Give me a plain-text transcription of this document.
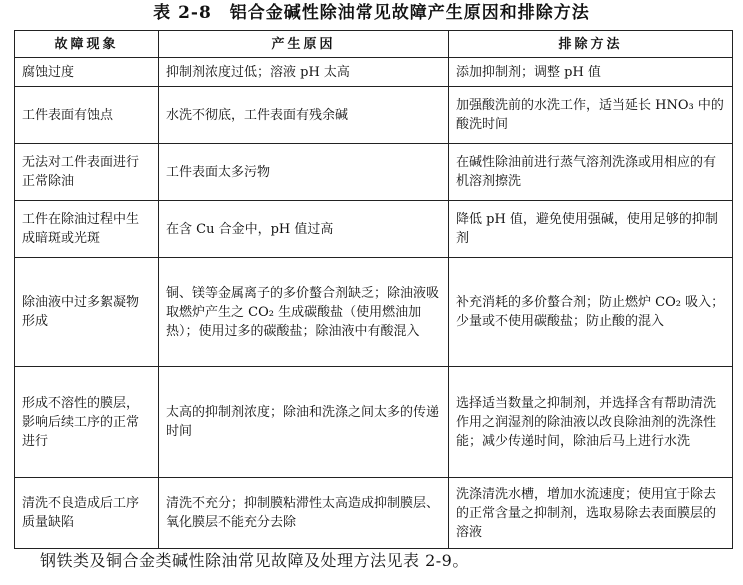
表 2-8　铝合金碱性除油常见故障产生原因和排除方法
故障现象	产生原因	排除方法
腐蚀过度	抑制剂浓度过低；溶液 pH 太高	添加抑制剂；调整 pH 值
工件表面有蚀点	水洗不彻底，工件表面有残余碱	加强酸洗前的水洗工作，适当延长 HNO₃ 中的酸洗时间
无法对工件表面进行正常除油	工件表面太多污物	在碱性除油前进行蒸气溶剂洗涤或用相应的有机溶剂擦洗
工件在除油过程中生成暗斑或光斑	在含 Cu 合金中，pH 值过高	降低 pH 值，避免使用强碱，使用足够的抑制剂
除油液中过多絮凝物形成	铜、镁等金属离子的多价螯合剂缺乏；除油液吸取燃炉产生之 CO₂ 生成碳酸盐（使用燃油加热）；使用过多的碳酸盐；除油液中有酸混入	补充消耗的多价螯合剂；防止燃炉 CO₂ 吸入；少量或不使用碳酸盐；防止酸的混入
形成不溶性的膜层，影响后续工序的正常进行	太高的抑制剂浓度；除油和洗涤之间太多的传递时间	选择适当数量之抑制剂，并选择含有帮助清洗作用之润湿剂的除油液以改良除油剂的洗涤性能；减少传递时间，除油后马上进行水洗
清洗不良造成后工序质量缺陷	清洗不充分；抑制膜粘滞性太高造成抑制膜层、氧化膜层不能充分去除	洗涤清洗水槽，增加水流速度；使用宜于除去的正常含量之抑制剂，选取易除去表面膜层的溶液
钢铁类及铜合金类碱性除油常见故障及处理方法见表 2-9。
